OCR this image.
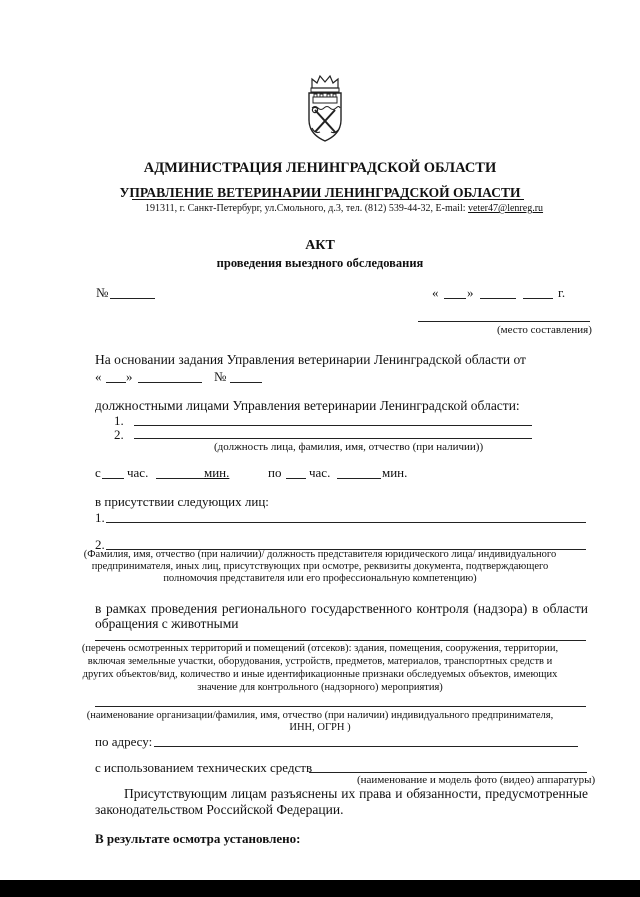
АДМИНИСТРАЦИЯ ЛЕНИНГРАДСКОЙ ОБЛАСТИ
УПРАВЛЕНИЕ ВЕТЕРИНАРИИ ЛЕНИНГРАДСКОЙ ОБЛАСТИ
191311, г. Санкт-Петербург, ул.Смольного, д.3, тел. (812) 539-44-32, E-mail: veter47@lenreg.ru
АКТ
проведения выездного обследования
№	« »	г.
(место составления)
На основании задания Управления ветеринарии Ленинградской области от
« »	№
должностными лицами Управления ветеринарии Ленинградской области:
1.
2.
(должность лица, фамилия, имя, отчество (при наличии))
с час.	мин.	по час.	мин.
в присутствии следующих лиц:
1.
2.
(Фамилия, имя, отчество (при наличии)/ должность представителя юридического лица/ индивидуального
предпринимателя, иных лиц, присутствующих при осмотре, реквизиты документа, подтверждающего
полномочия представителя или его профессиональную компетенцию)
в рамках проведения регионального государственного контроля (надзора) в области
обращения с животными
(перечень осмотренных территорий и помещений (отсеков): здания, помещения, сооружения, территории,
включая земельные участки, оборудования, устройств, предметов, материалов, транспортных средств и
других объектов/вид, количество и иные идентификационные признаки обследуемых объектов, имеющих
значение для контрольного (надзорного) мероприятия)
(наименование организации/фамилия, имя, отчество (при наличии) индивидуального предпринимателя,
ИНН, ОГРН )
по адресу:
с использованием технических средств
(наименование и модель фото (видео) аппаратуры)
Присутствующим лицам разъяснены их права и обязанности, предусмотренные
законодательством Российской Федерации.
В результате осмотра установлено:
